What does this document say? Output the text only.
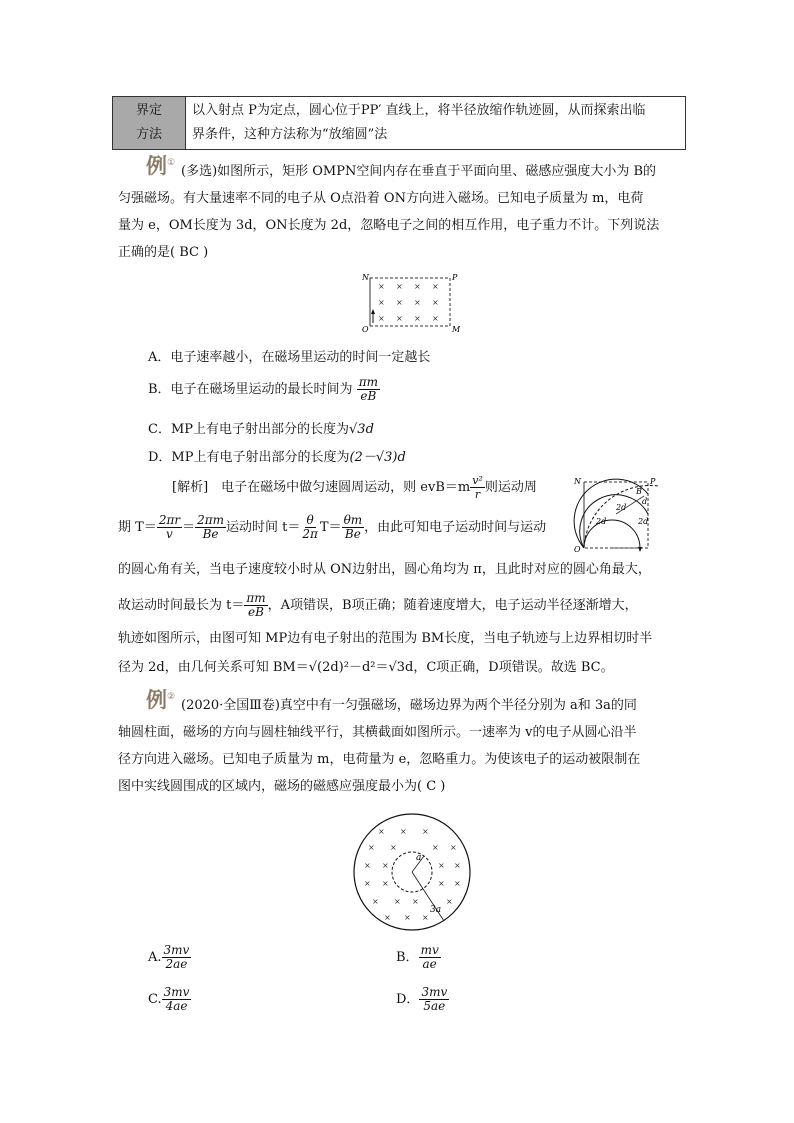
界定
方法
以入射点 P为定点，圆心位于PP′ 直线上，将半径放缩作轨迹圆，从而探索出临
界条件，这种方法称为“放缩圆”法
例①
(多选)如图所示，矩形 OMPN空间内存在垂直于平面向里、磁感应强度大小为 B的
匀强磁场。有大量速率不同的电子从 O点沿着 ON方向进入磁场。已知电子质量为 m，电荷
量为 e，OM长度为 3d，ON长度为 2d，忽略电子之间的相互作用，电子重力不计。下列说法
正确的是( BC )
× × × ×
× × × ×
× × × ×
N	P
O	M
A．电子速率越小，在磁场里运动的时间一定越长
B．电子在磁场里运动的最长时间为 $\frac{\pi m}{eB}$
C．MP上有电子射出部分的长度为√3d
D．MP上有电子射出部分的长度为(2－√3)d
[解析]　电子在磁场中做匀速圆周运动，则 $evB=m \frac{\text{v²}}{r}$ 则运动周
期 $T= \frac{2\pi r}{v} = \frac{2\pi m}{Be}$ 运动时间 $t= \frac{\theta}{2\pi} T= \frac{\theta m}{Be}$ ，由此可知电子运动时间与运动
N	P
O
B
2d
2d	2d
d
的圆心角有关，当电子速度较小时从 ON边射出，圆心角均为 π，且此时对应的圆心角最大，
故运动时间最长为 $t= \frac{\pi m}{eB}$ ，A项错误，B项正确；随着速度增大，电子运动半径逐渐增大，
轨迹如图所示，由图可知 MP边有电子射出的范围为 BM长度，当电子轨迹与上边界相切时半
径为 2d，由几何关系可知 BM＝√(2d)²－d²＝√3d，C项正确，D项错误。故选 BC。
例②
(2020·全国Ⅲ卷)真空中有一匀强磁场，磁场边界为两个半径分别为 a和 3a的同
轴圆柱面，磁场的方向与圆柱轴线平行，其横截面如图所示。一速率为 v的电子从圆心沿半
径方向进入磁场。已知电子质量为 m，电荷量为 e，忽略重力。为使该电子的运动被限制在
图中实线圆围成的区域内，磁场的磁感应强度最小为( C )
× × ×
× ×	× ×
× ×	× ×
× ×	× ×
× × ×	×
× × ×
a
3a
A. $\frac{3mv}{2ae}$	B． $\frac{mv}{ae}$
C. $\frac{3mv}{4ae}$	D． $\frac{3mv}{5ae}$
